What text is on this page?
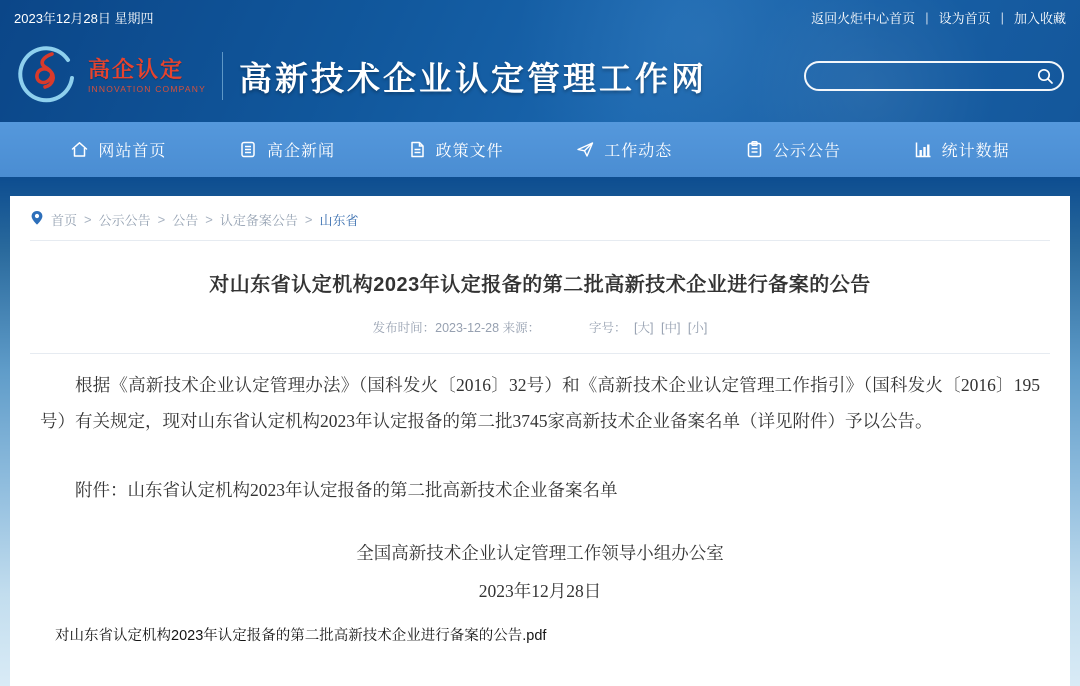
2023年12月28日 星期四	返回火炬中心首页 | 设为首页 | 加入收藏
高企认定
INNOVATION COMPANY 高新技术企业认定管理工作网
网站首页	高企新闻	政策文件	工作动态	公示公告	统计数据
首页 > 公示公告 > 公告 > 认定备案公告 > 山东省
对山东省认定机构2023年认定报备的第二批高新技术企业进行备案的公告
发布时间：2023-12-28 来源：	字号： [大] [中] [小]

根据《高新技术企业认定管理办法》（国科发火〔2016〕32号）和《高新技术企业认定管理工作指引》（国科发火〔2016〕195号）有关规定，现对山东省认定机构2023年认定报备的第二批3745家高新技术企业备案名单（详见附件）予以公告。

附件：山东省认定机构2023年认定报备的第二批高新技术企业备案名单

全国高新技术企业认定管理工作领导小组办公室

2023年12月28日

对山东省认定机构2023年认定报备的第二批高新技术企业进行备案的公告.pdf
